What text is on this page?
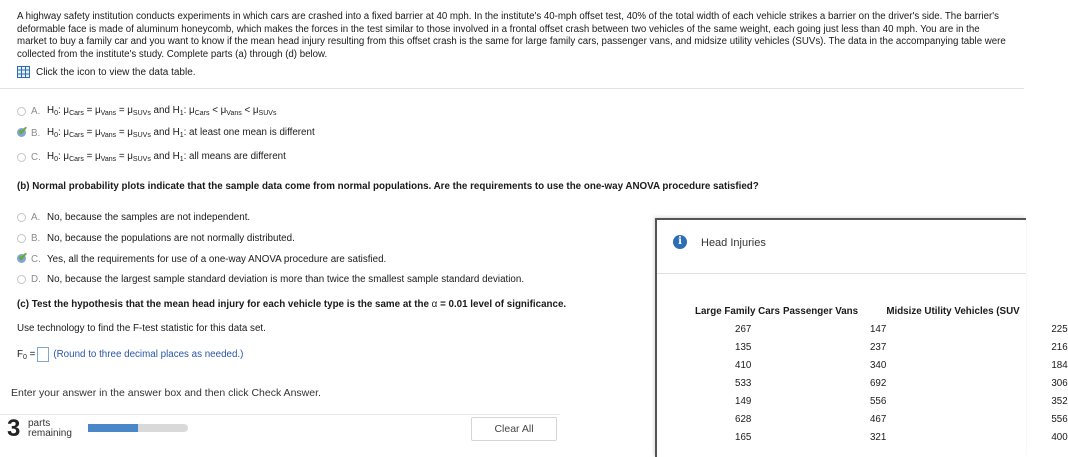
A highway safety institution conducts experiments in which cars are crashed into a fixed barrier at 40 mph. In the institute's 40-mph offset test, 40% of the total width of each vehicle strikes a barrier on the driver's side. The barrier's deformable face is made of aluminum honeycomb, which makes the forces in the test similar to those involved in a frontal offset crash between two vehicles of the same weight, each going just less than 40 mph. You are in the market to buy a family car and you want to know if the mean head injury resulting from this offset crash is the same for large family cars, passenger vans, and midsize utility vehicles (SUVs). The data in the accompanying table were collected from the institute's study. Complete parts (a) through (d) below.
Click the icon to view the data table.
A. $H_0$: $\mu_{Cars} = \mu_{Vans} = \mu_{SUVs}$ and $H_1$: $\mu_{Cars} < \mu_{Vans} < \mu_{SUVs}$
✔ B. $H_0$: $\mu_{Cars} = \mu_{Vans} = \mu_{SUVs}$ and $H_1$: at least one mean is different
C. $H_0$: $\mu_{Cars} = \mu_{Vans} = \mu_{SUVs}$ and $H_1$: all means are different
(b) Normal probability plots indicate that the sample data come from normal populations. Are the requirements to use the one-way ANOVA procedure satisfied?
A. No, because the samples are not independent.
B. No, because the populations are not normally distributed.
✔ C. Yes, all the requirements for use of a one-way ANOVA procedure are satisfied.
D. No, because the largest sample standard deviation is more than twice the smallest sample standard deviation.
(c) Test the hypothesis that the mean head injury for each vehicle type is the same at the α = 0.01 level of significance.
Use technology to find the F-test statistic for this data set.
$F_0$ = (Round to three decimal places as needed.)
Enter your answer in the answer box and then click Check Answer.
3 parts
remaining	Clear All
i	Head Injuries
Large Family Cars	Passenger Vans	Midsize Utility Vehicles (SUV
267	147	225
135	237	216
410	340	184
533	692	306
149	556	352
628	467	556
165	321	400
